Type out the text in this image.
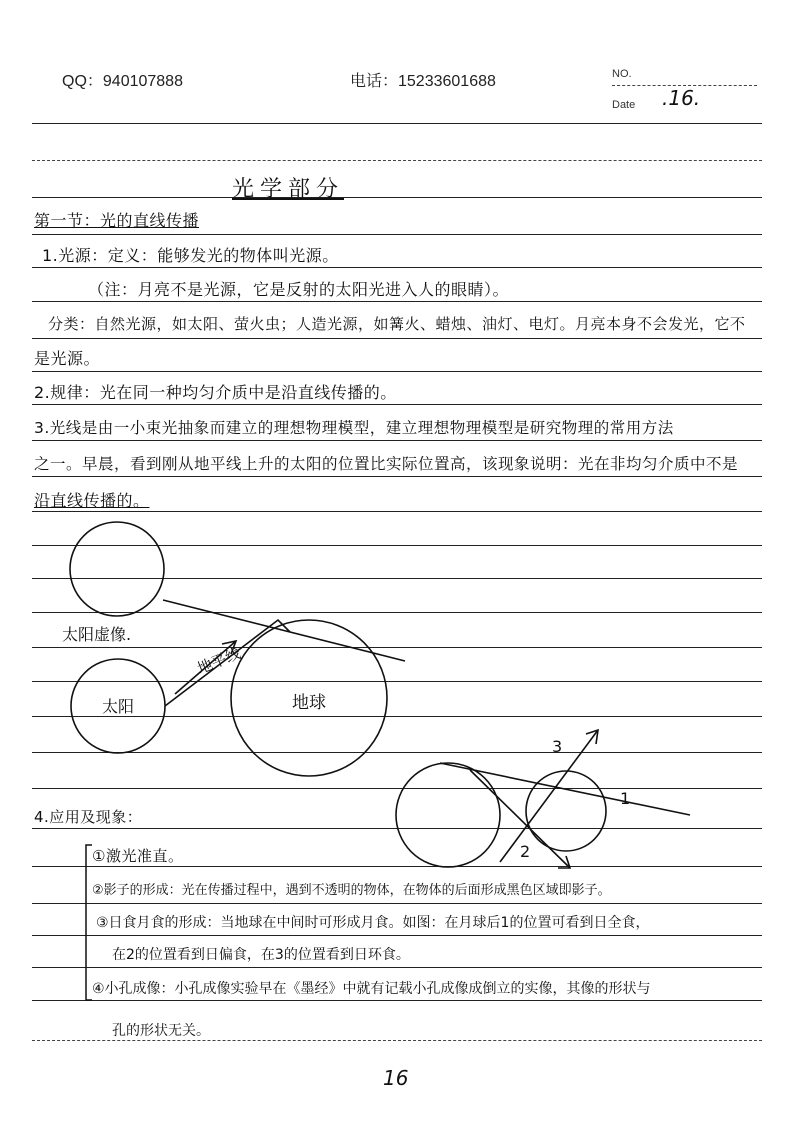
QQ：940107888	电话：15233601688	NO.
Date .16.
光学部分
第一节：光的直线传播
1.光源：定义：能够发光的物体叫光源。
（注：月亮不是光源，它是反射的太阳光进入人的眼睛）。
分类：自然光源，如太阳、萤火虫；人造光源，如篝火、蜡烛、油灯、电灯。月亮本身不会发光，它不
是光源。
2.规律：光在同一种均匀介质中是沿直线传播的。
3.光线是由一小束光抽象而建立的理想物理模型，建立理想物理模型是研究物理的常用方法
之一。早晨，看到刚从地平线上升的太阳的位置比实际位置高，该现象说明：光在非均匀介质中不是
沿直线传播的。
太阳虚像.
地平线
太阳	地球
3
1
2
4.应用及现象：
①激光准直。
②影子的形成：光在传播过程中，遇到不透明的物体，在物体的后面形成黑色区域即影子。
③日食月食的形成：当地球在中间时可形成月食。如图：在月球后1的位置可看到日全食，
在2的位置看到日偏食，在3的位置看到日环食。
④小孔成像：小孔成像实验早在《墨经》中就有记载小孔成像成倒立的实像，其像的形状与
孔的形状无关。
16
